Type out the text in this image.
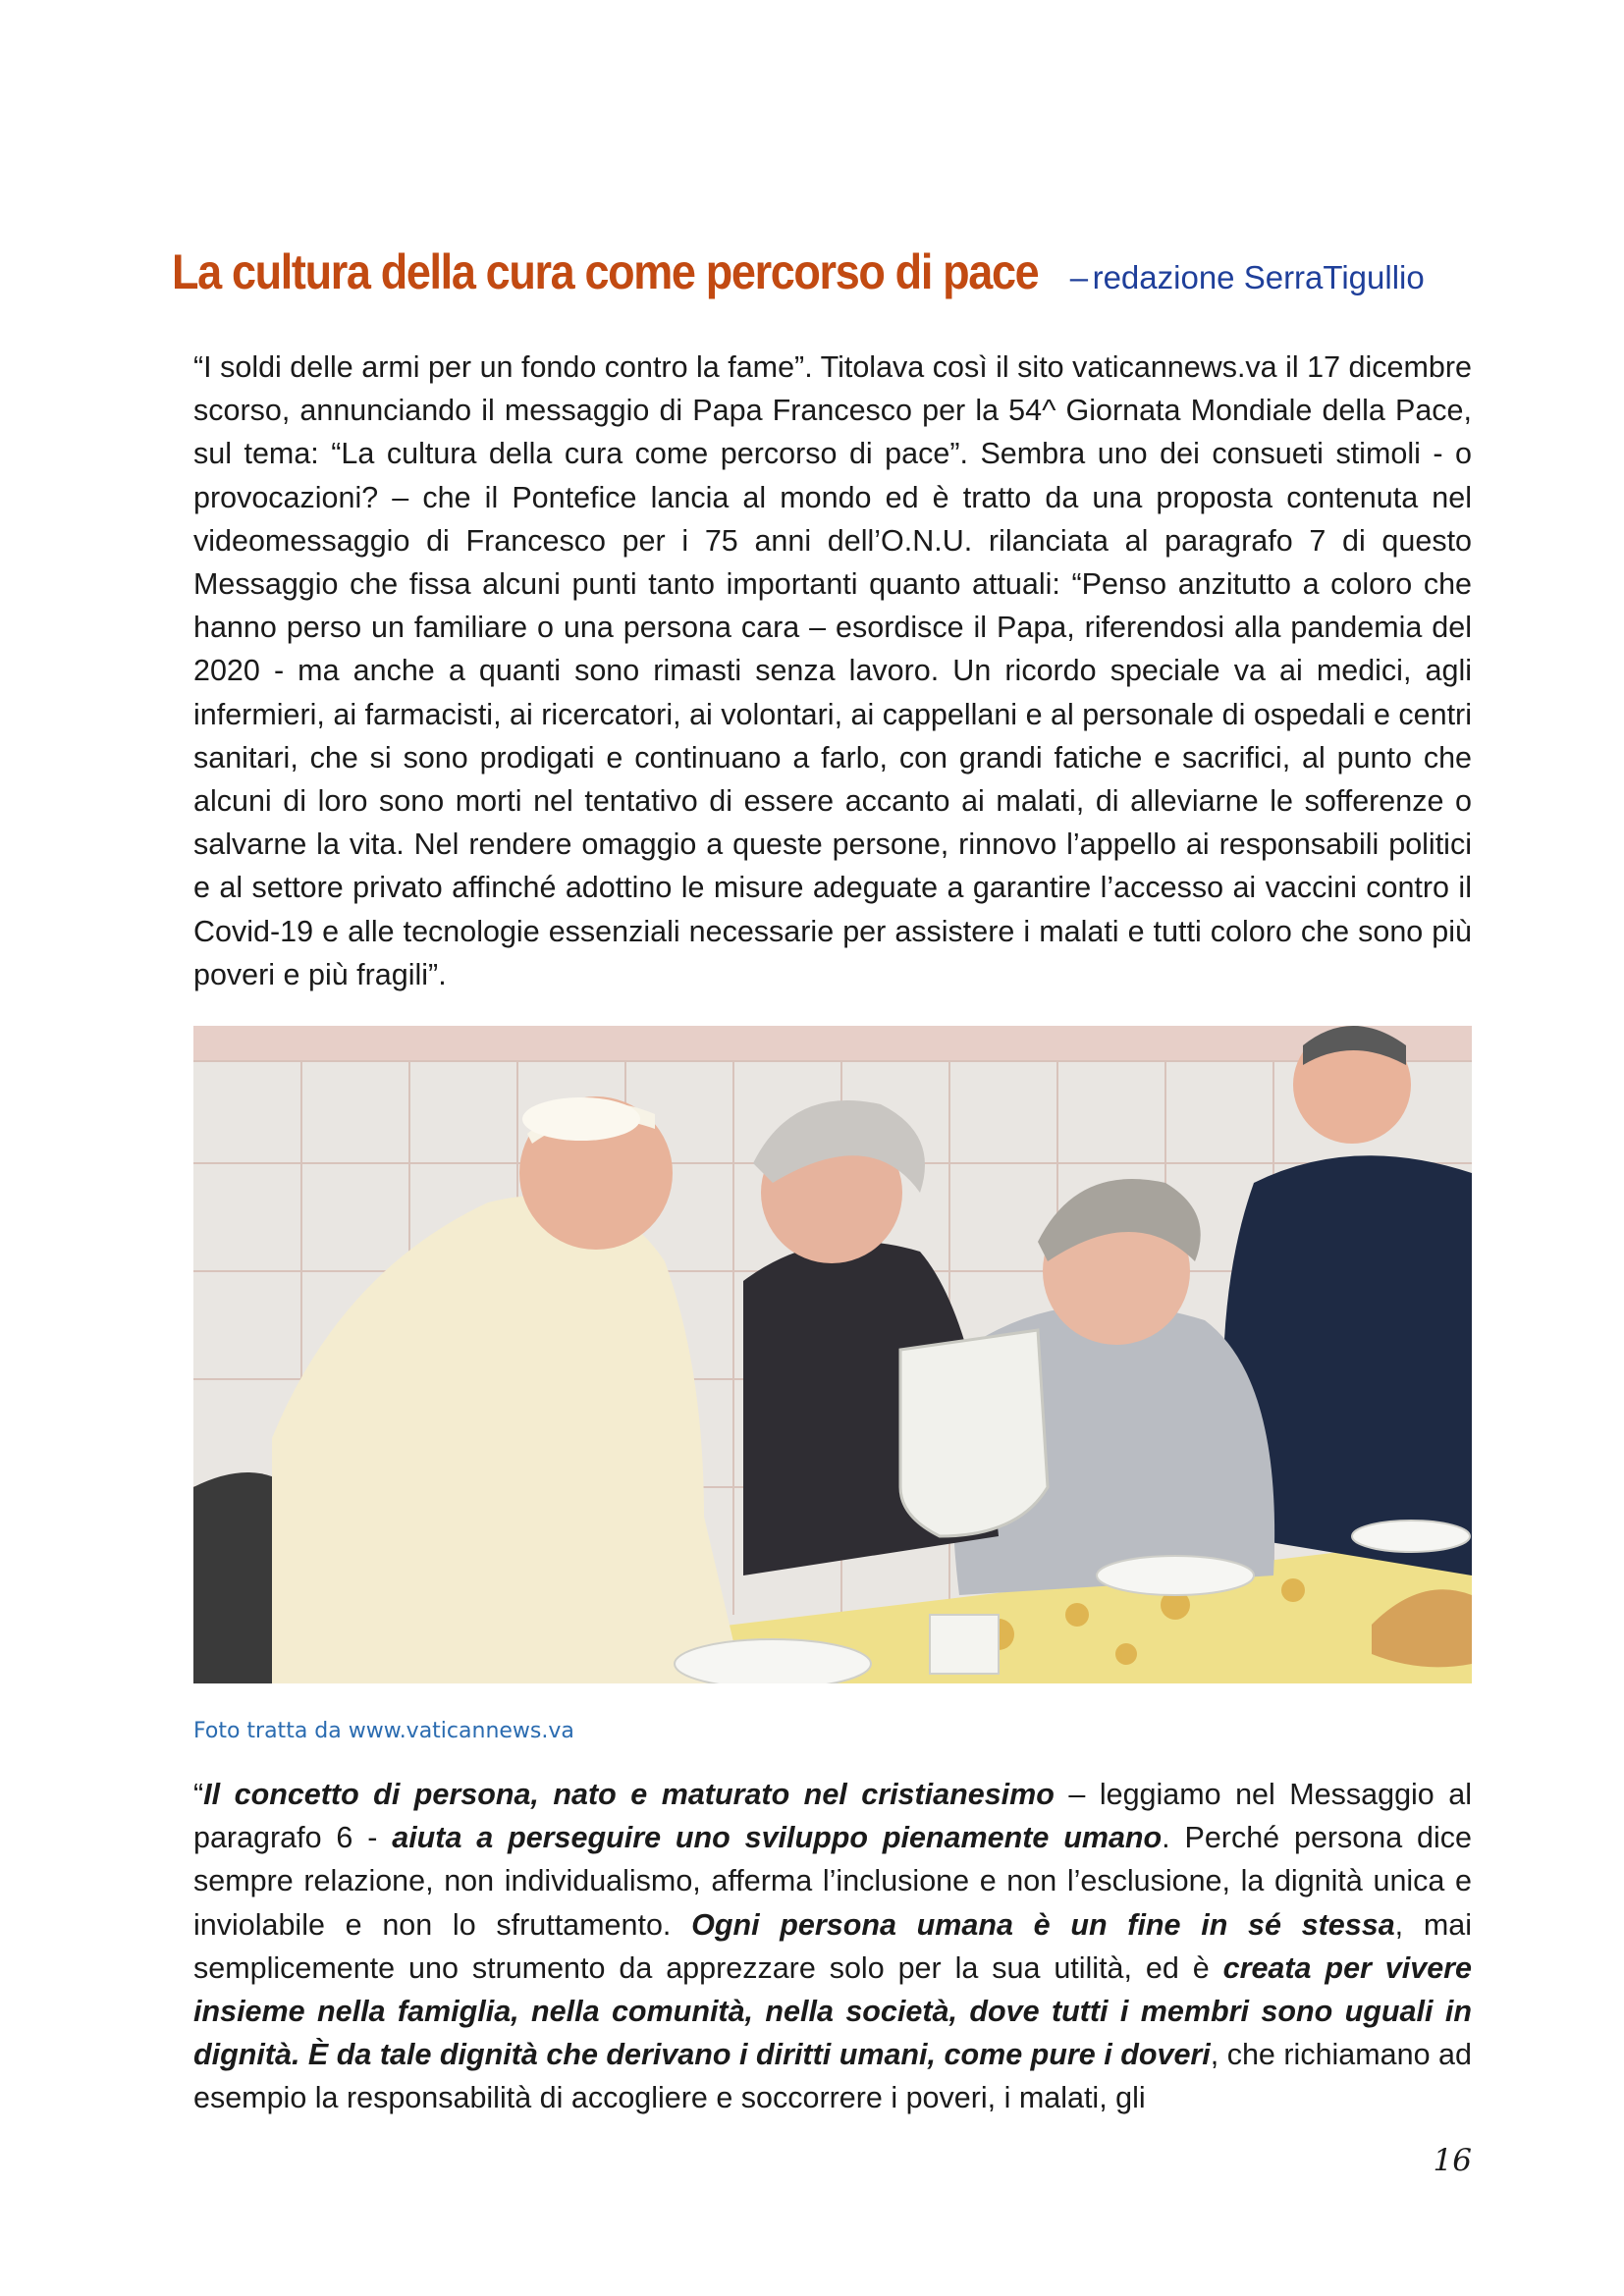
La cultura della cura come percorso di pace – redazione SerraTigullio
“I soldi delle armi per un fondo contro la fame”. Titolava così il sito vaticannews.va il 17 dicembre scorso, annunciando il messaggio di Papa Francesco per la 54^ Giornata Mondiale della Pace, sul tema: “La cultura della cura come percorso di pace”. Sembra uno dei consueti stimoli - o provocazioni? – che il Pontefice lancia al mondo ed è tratto da una proposta contenuta nel videomessaggio di Francesco per i 75 anni dell’O.N.U. rilanciata al paragrafo 7 di questo Messaggio che fissa alcuni punti tanto importanti quanto attuali: “Penso anzitutto a coloro che hanno perso un familiare o una persona cara – esordisce il Papa, riferendosi alla pandemia del 2020 - ma anche a quanti sono rimasti senza lavoro. Un ricordo speciale va ai medici, agli infermieri, ai farmacisti, ai ricercatori, ai volontari, ai cappellani e al personale di ospedali e centri sanitari, che si sono prodigati e continuano a farlo, con grandi fatiche e sacrifici, al punto che alcuni di loro sono morti nel tentativo di essere accanto ai malati, di alleviarne le sofferenze o salvarne la vita. Nel rendere omaggio a queste persone, rinnovo l’appello ai responsabili politici e al settore privato affinché adottino le misure adeguate a garantire l’accesso ai vaccini contro il Covid-19 e alle tecnologie essenziali necessarie per assistere i malati e tutti coloro che sono più poveri e più fragili”.
Foto tratta da www.vaticannews.va
“Il concetto di persona, nato e maturato nel cristianesimo – leggiamo nel Messaggio al paragrafo 6 - aiuta a perseguire uno sviluppo pienamente umano. Perché persona dice sempre relazione, non individualismo, afferma l’inclusione e non l’esclusione, la dignità unica e inviolabile e non lo sfruttamento. Ogni persona umana è un fine in sé stessa, mai semplicemente uno strumento da apprezzare solo per la sua utilità, ed è creata per vivere insieme nella famiglia, nella comunità, nella società, dove tutti i membri sono uguali in dignità. È da tale dignità che derivano i diritti umani, come pure i doveri, che richiamano ad esempio la responsabilità di accogliere e soccorrere i poveri, i malati, gli
16
